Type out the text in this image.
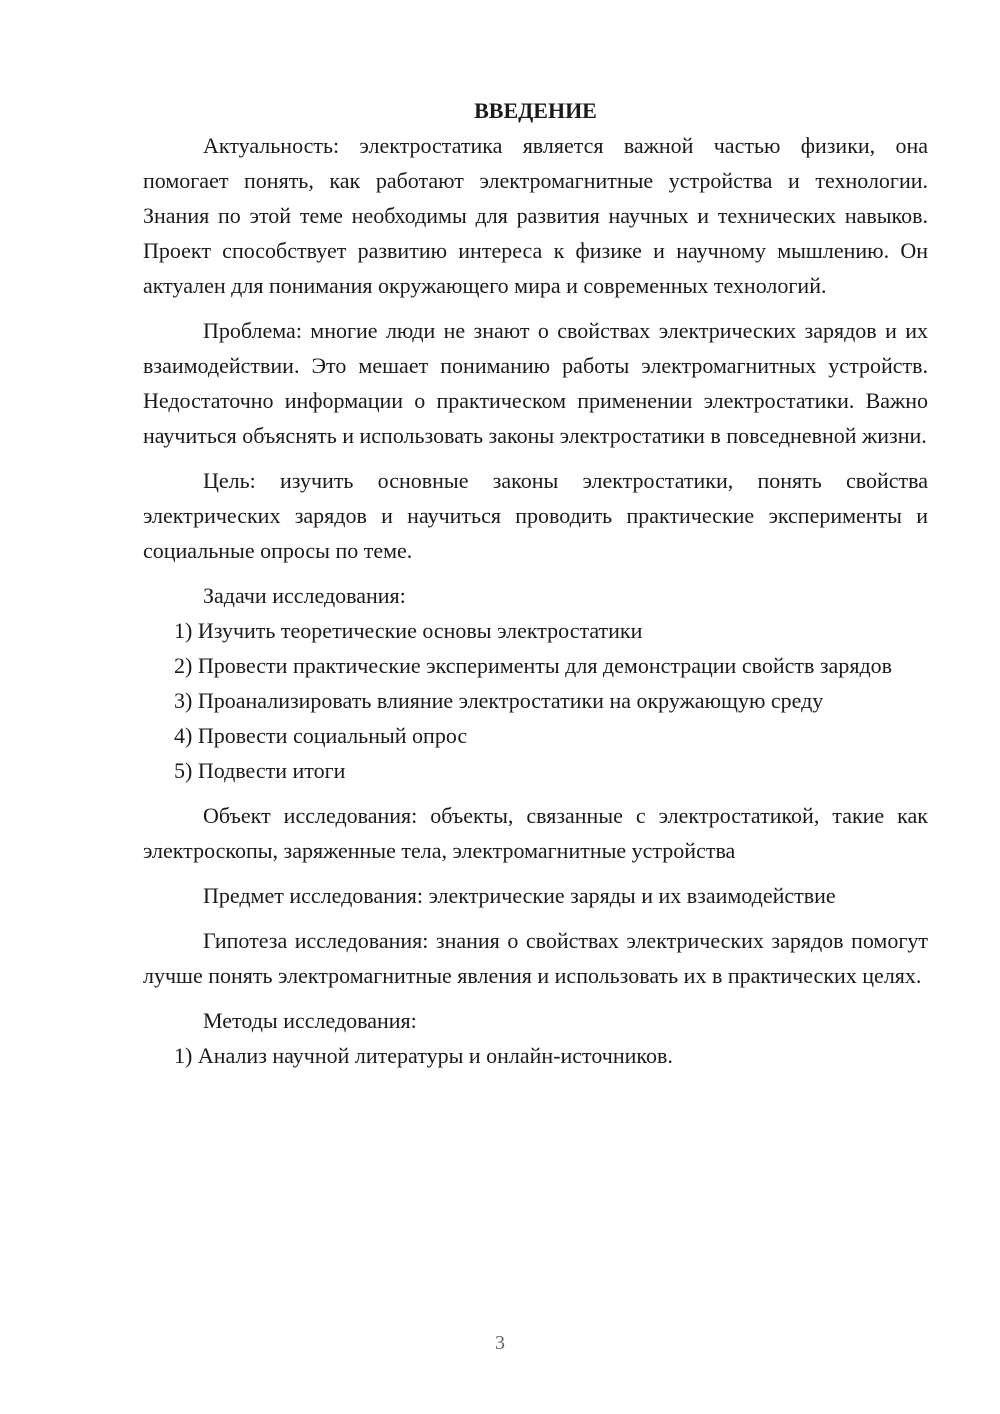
ВВЕДЕНИЕ

Актуальность: электростатика является важной частью физики, она помогает понять, как работают электромагнитные устройства и технологии. Знания по этой теме необходимы для развития научных и технических навыков. Проект способствует развитию интереса к физике и научному мышлению. Он актуален для понимания окружающего мира и современных технологий.

Проблема: многие люди не знают о свойствах электрических зарядов и их взаимодействии. Это мешает пониманию работы электромагнитных устройств. Недостаточно информации о практическом применении электростатики. Важно научиться объяснять и использовать законы электростатики в повседневной жизни.

Цель: изучить основные законы электростатики, понять свойства электрических зарядов и научиться проводить практические эксперименты и социальные опросы по теме.

Задачи исследования:

1) Изучить теоретические основы электростатики

2) Провести практические эксперименты для демонстрации свойств зарядов

3) Проанализировать влияние электростатики на окружающую среду

4) Провести социальный опрос

5) Подвести итоги

Объект исследования: объекты, связанные с электростатикой, такие как электроскопы, заряженные тела, электромагнитные устройства

Предмет исследования: электрические заряды и их взаимодействие

Гипотеза исследования: знания о свойствах электрических зарядов помогут лучше понять электромагнитные явления и использовать их в практических целях.

Методы исследования:

1) Анализ научной литературы и онлайн-источников.

3
